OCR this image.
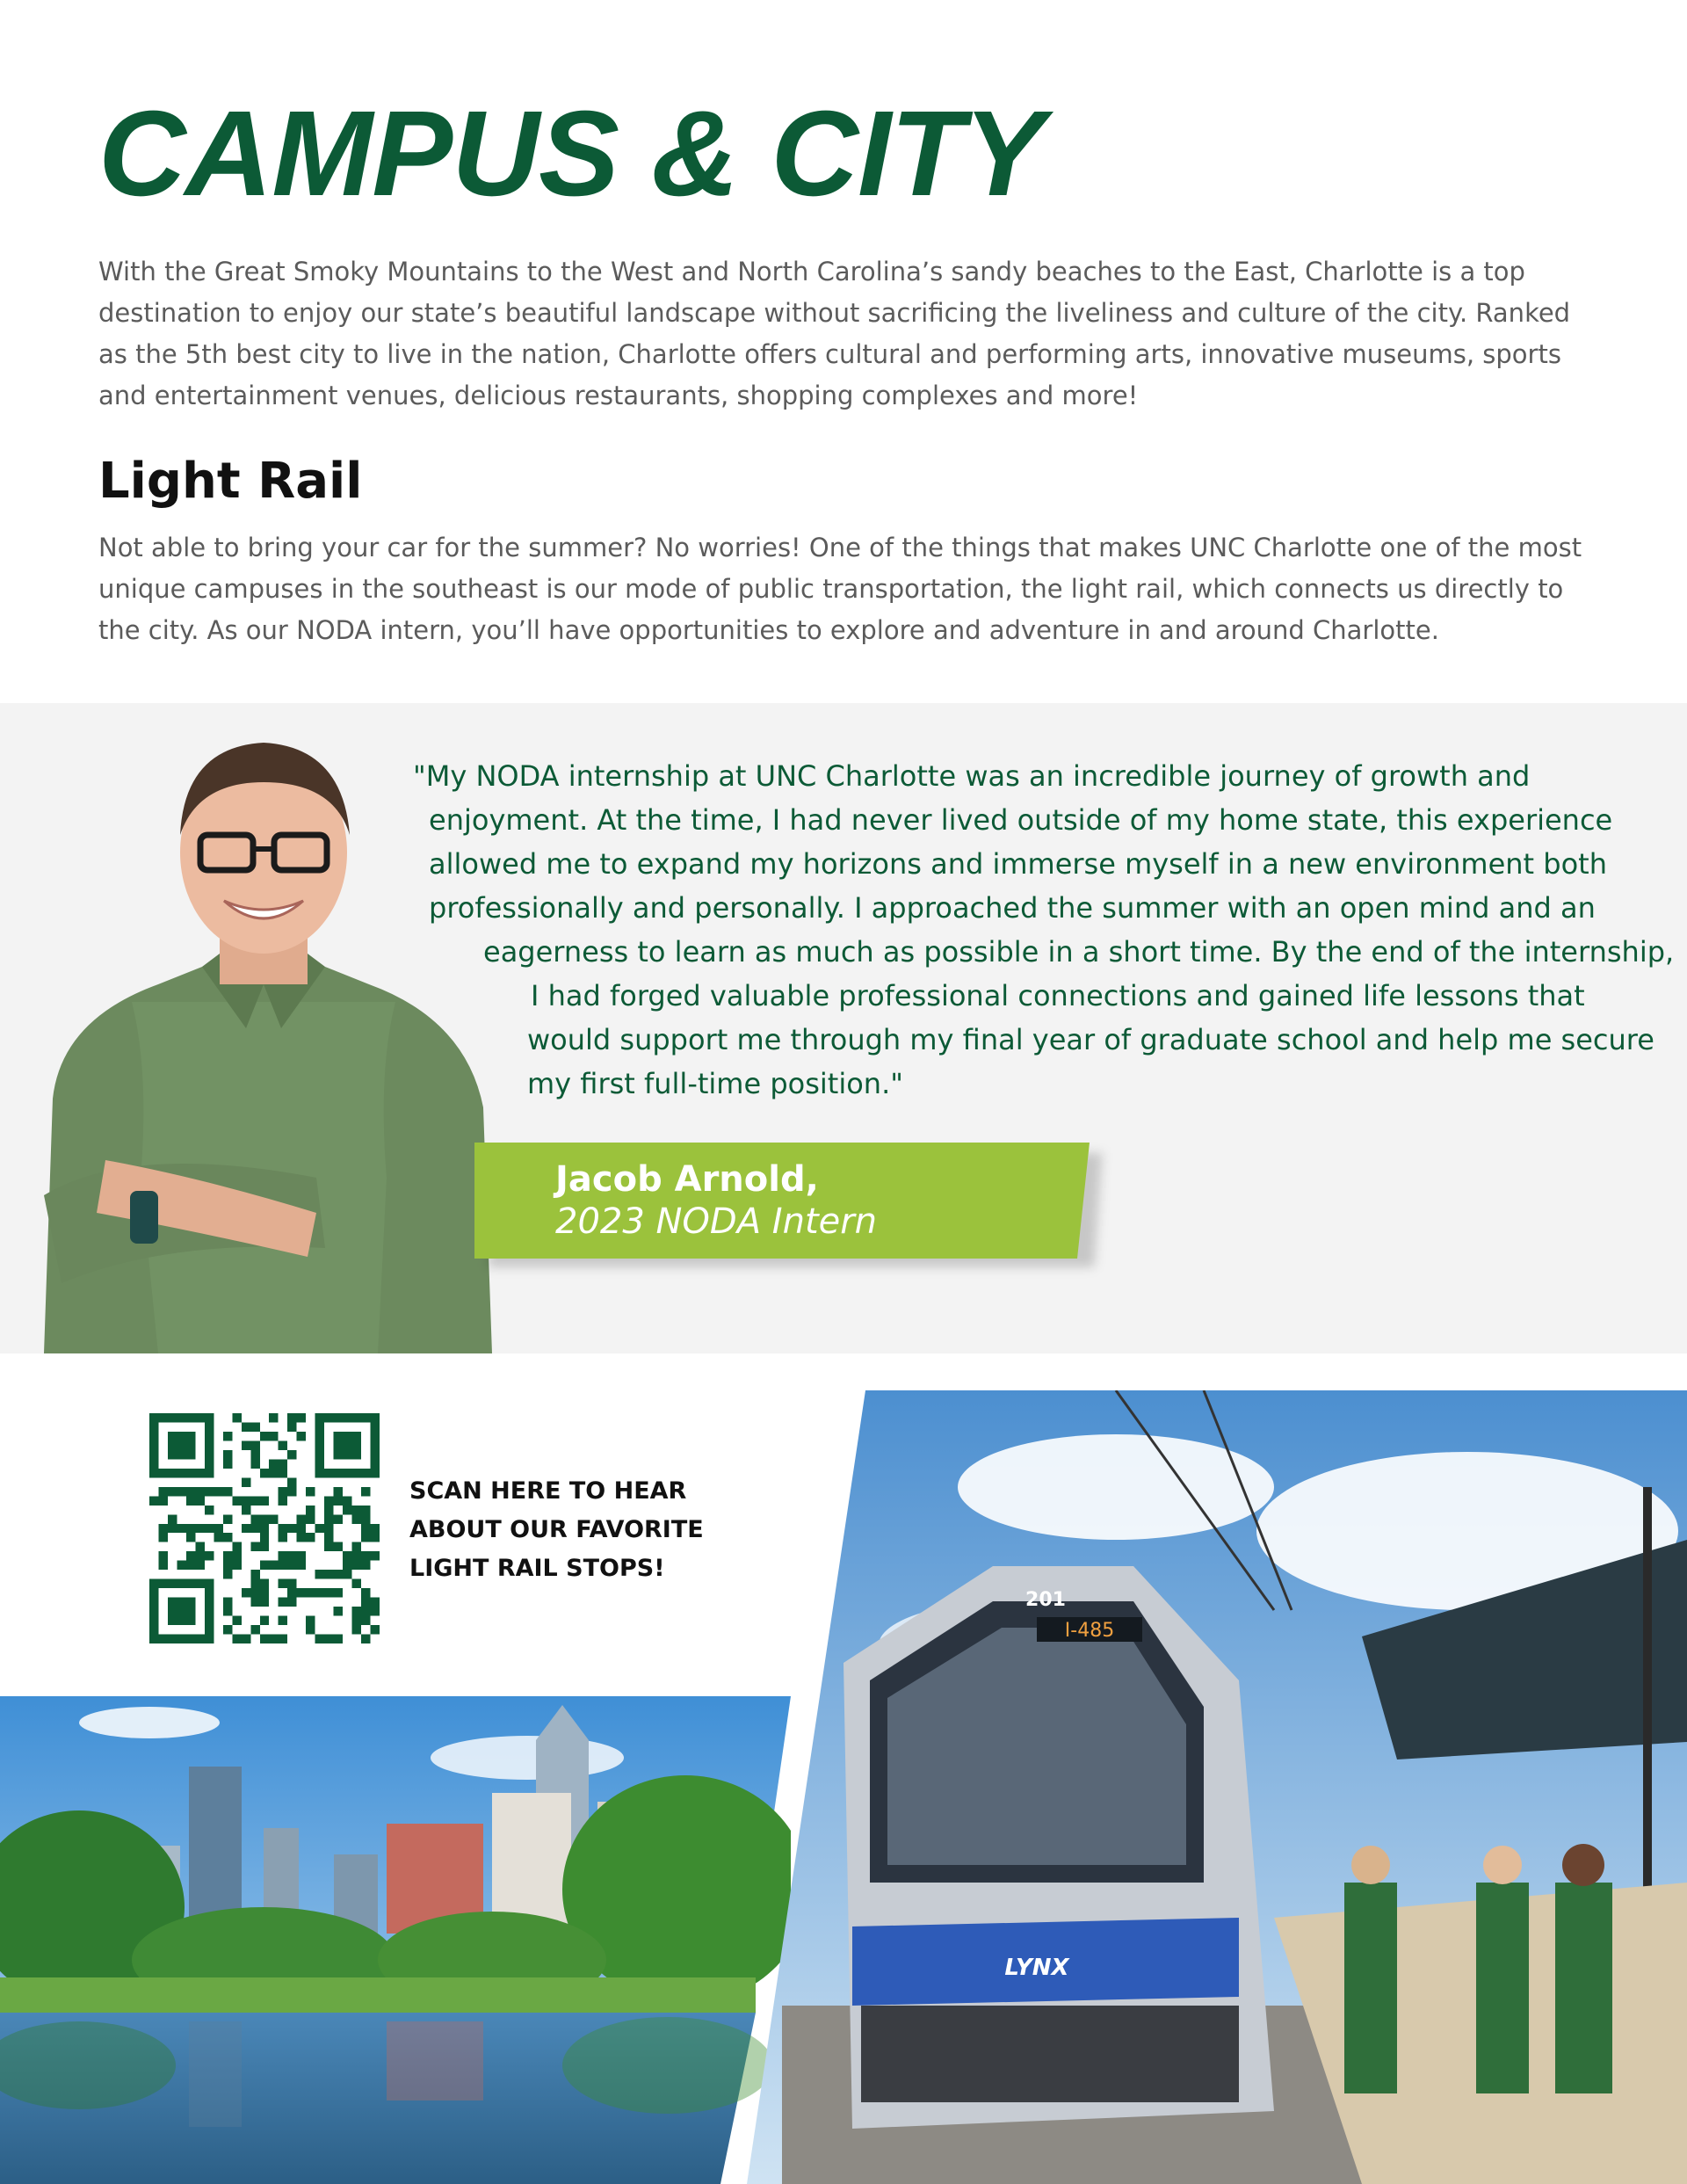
CAMPUS & CITY

With the Great Smoky Mountains to the West and North Carolina’s sandy beaches to the East, Charlotte is a top destination to enjoy our state’s beautiful landscape without sacrificing the liveliness and culture of the city. Ranked as the 5th best city to live in the nation, Charlotte offers cultural and performing arts, innovative museums, sports and entertainment venues, delicious restaurants, shopping complexes and more!

Light Rail

Not able to bring your car for the summer? No worries! One of the things that makes UNC Charlotte one of the most unique campuses in the southeast is our mode of public transportation, the light rail, which connects us directly to the city. As our NODA intern, you’ll have opportunities to explore and adventure in and around Charlotte.

"My NODA internship at UNC Charlotte was an incredible journey of growth and
enjoyment. At the time, I had never lived outside of my home state, this experience
allowed me to expand my horizons and immerse myself in a new environment both
professionally and personally. I approached the summer with an open mind and an
eagerness to learn as much as possible in a short time. By the end of the internship,
I had forged valuable professional connections and gained life lessons that
would support me through my final year of graduate school and help me secure
my first full-time position."

Jacob Arnold,

2023 NODA Intern

SCAN HERE TO HEAR
ABOUT OUR FAVORITE
LIGHT RAIL STOPS!
I-485
201
LYNX
